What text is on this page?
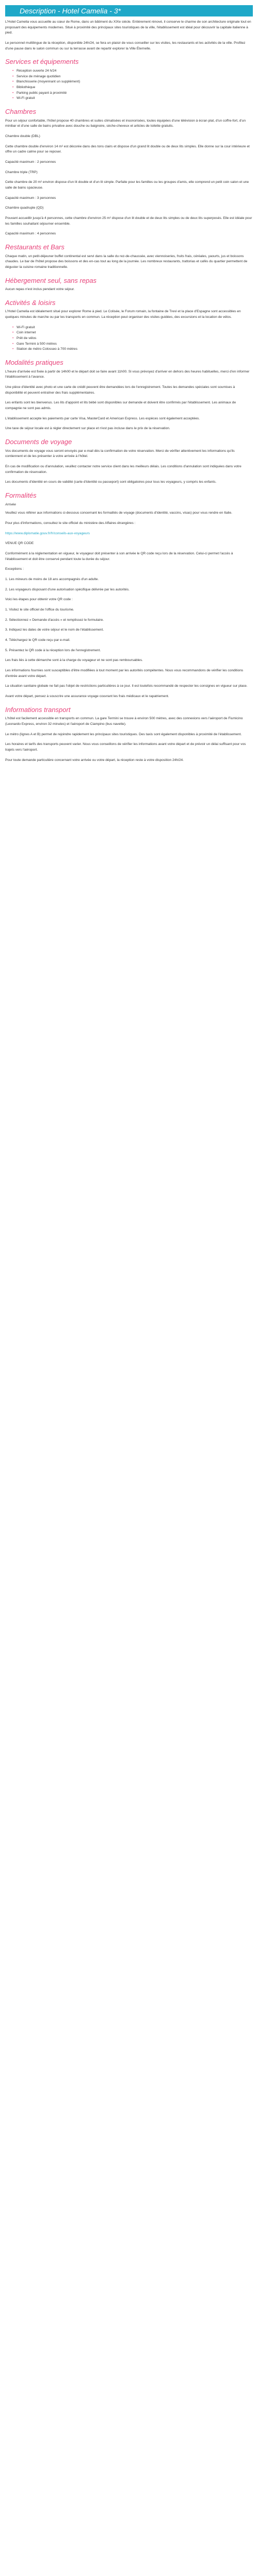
Description - Hotel Camelia - 3*

L'Hotel Camelia vous accueille au cœur de Rome, dans un bâtiment du XIXe siècle. Entièrement rénové, il conserve le charme de son architecture originale tout en proposant des équipements modernes. Situé à proximité des principaux sites touristiques de la ville, l'établissement est idéal pour découvrir la capitale italienne à pied.

Le personnel multilingue de la réception, disponible 24h/24, se fera un plaisir de vous conseiller sur les visites, les restaurants et les activités de la ville. Profitez d'une pause dans le salon commun ou sur la terrasse avant de repartir explorer la Ville Éternelle.

Services et équipements
• Réception ouverte 24 h/24
• Service de ménage quotidien
• Blanchisserie (moyennant un supplément)
• Bibliothèque
• Parking public payant à proximité
• Wi-Fi gratuit
Chambres

Pour un séjour confortable, l'hôtel propose 40 chambres et suites climatisées et insonorisées, toutes équipées d'une télévision à écran plat, d'un coffre-fort, d'un minibar et d'une salle de bains privative avec douche ou baignoire, sèche-cheveux et articles de toilette gratuits.

Chambre double (DBL)

Cette chambre double d'environ 14 m² est décorée dans des tons clairs et dispose d'un grand lit double ou de deux lits simples. Elle donne sur la cour intérieure et offre un cadre calme pour se reposer.

Capacité maximum : 2 personnes

Chambre triple (TRP)

Cette chambre de 20 m² environ dispose d'un lit double et d'un lit simple. Parfaite pour les familles ou les groupes d'amis, elle comprend un petit coin salon et une salle de bains spacieuse.

Capacité maximum : 3 personnes

Chambre quadruple (QD)

Pouvant accueillir jusqu'à 4 personnes, cette chambre d'environ 25 m² dispose d'un lit double et de deux lits simples ou de deux lits superposés. Elle est idéale pour les familles souhaitant séjourner ensemble.

Capacité maximum : 4 personnes

Restaurants et Bars

Chaque matin, un petit-déjeuner buffet continental est servi dans la salle du rez-de-chaussée, avec viennoiseries, fruits frais, céréales, yaourts, jus et boissons chaudes. Le bar de l'hôtel propose des boissons et des en-cas tout au long de la journée. Les nombreux restaurants, trattorias et cafés du quartier permettent de déguster la cuisine romaine traditionnelle.

Hébergement seul, sans repas

Aucun repas n'est inclus pendant votre séjour.

Activités & loisirs

L'Hotel Camelia est idéalement situé pour explorer Rome à pied. Le Colisée, le Forum romain, la fontaine de Trevi et la place d'Espagne sont accessibles en quelques minutes de marche ou par les transports en commun. La réception peut organiser des visites guidées, des excursions et la location de vélos.

• Wi-Fi gratuit
• Coin internet
• Prêt de vélos
• Gare Termini à 500 mètres
• Station de métro Colosseo à 700 mètres
Modalités pratiques

L'heure d'arrivée est fixée à partir de 14h00 et le départ doit se faire avant 11h00. Si vous prévoyez d'arriver en dehors des heures habituelles, merci d'en informer l'établissement à l'avance.

Une pièce d'identité avec photo et une carte de crédit peuvent être demandées lors de l'enregistrement. Toutes les demandes spéciales sont soumises à disponibilité et peuvent entraîner des frais supplémentaires.

Les enfants sont les bienvenus. Les lits d'appoint et lits bébé sont disponibles sur demande et doivent être confirmés par l'établissement. Les animaux de compagnie ne sont pas admis.

L'établissement accepte les paiements par carte Visa, MasterCard et American Express. Les espèces sont également acceptées.

Une taxe de séjour locale est à régler directement sur place et n'est pas incluse dans le prix de la réservation.

Documents de voyage

Vos documents de voyage vous seront envoyés par e-mail dès la confirmation de votre réservation. Merci de vérifier attentivement les informations qu'ils contiennent et de les présenter à votre arrivée à l'hôtel.

En cas de modification ou d'annulation, veuillez contacter notre service client dans les meilleurs délais. Les conditions d'annulation sont indiquées dans votre confirmation de réservation.

Les documents d'identité en cours de validité (carte d'identité ou passeport) sont obligatoires pour tous les voyageurs, y compris les enfants.

Formalités

Arrivée

Veuillez vous référer aux informations ci-dessous concernant les formalités de voyage (documents d'identité, vaccins, visas) pour vous rendre en Italie.

Pour plus d'informations, consultez le site officiel du ministère des Affaires étrangères :

https://www.diplomatie.gouv.fr/fr/conseils-aux-voyageurs

VENUE QR CODE

Conformément à la réglementation en vigueur, le voyageur doit présenter à son arrivée le QR code reçu lors de la réservation. Celui-ci permet l'accès à l'établissement et doit être conservé pendant toute la durée du séjour.

Exceptions :

1. Les mineurs de moins de 18 ans accompagnés d'un adulte.

2. Les voyageurs disposant d'une autorisation spécifique délivrée par les autorités.

Voici les étapes pour obtenir votre QR code :

1. Visitez le site officiel de l'office du tourisme.

2. Sélectionnez « Demande d'accès » et remplissez le formulaire.

3. Indiquez les dates de votre séjour et le nom de l'établissement.

4. Téléchargez le QR code reçu par e-mail.

5. Présentez le QR code à la réception lors de l'enregistrement.

Les frais liés à cette démarche sont à la charge du voyageur et ne sont pas remboursables.

Les informations fournies sont susceptibles d'être modifiées à tout moment par les autorités compétentes. Nous vous recommandons de vérifier les conditions d'entrée avant votre départ.

La situation sanitaire globale ne fait pas l'objet de restrictions particulières à ce jour. Il est toutefois recommandé de respecter les consignes en vigueur sur place.

Avant votre départ, pensez à souscrire une assurance voyage couvrant les frais médicaux et le rapatriement.

Informations transport

L'hôtel est facilement accessible en transports en commun. La gare Termini se trouve à environ 500 mètres, avec des connexions vers l'aéroport de Fiumicino (Leonardo Express, environ 32 minutes) et l'aéroport de Ciampino (bus navette).

Le métro (lignes A et B) permet de rejoindre rapidement les principaux sites touristiques. Des taxis sont également disponibles à proximité de l'établissement.

Les horaires et tarifs des transports peuvent varier. Nous vous conseillons de vérifier les informations avant votre départ et de prévoir un délai suffisant pour vos trajets vers l'aéroport.

Pour toute demande particulière concernant votre arrivée ou votre départ, la réception reste à votre disposition 24h/24.
